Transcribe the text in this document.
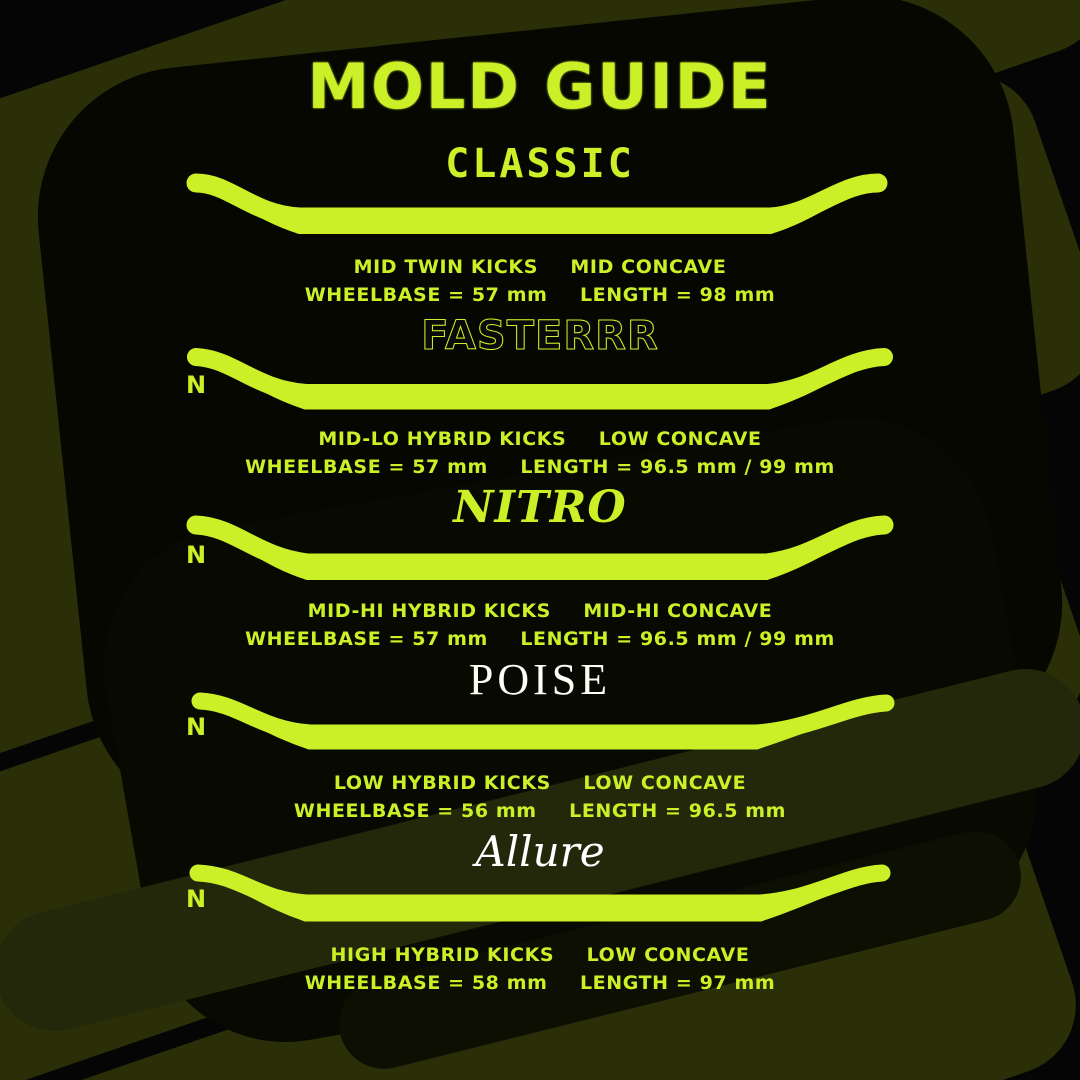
MOLD GUIDE
CLASSIC
MID TWIN KICKS MID CONCAVE
WHEELBASE = 57 mm LENGTH = 98 mm
FASTERRR
N
MID-LO HYBRID KICKS LOW CONCAVE
WHEELBASE = 57 mm LENGTH = 96.5 mm / 99 mm
NITRO
N
MID-HI HYBRID KICKS MID-HI CONCAVE
WHEELBASE = 57 mm LENGTH = 96.5 mm / 99 mm
POISE
N
LOW HYBRID KICKS LOW CONCAVE
WHEELBASE = 56 mm LENGTH = 96.5 mm
Allure
N
HIGH HYBRID KICKS LOW CONCAVE
WHEELBASE = 58 mm LENGTH = 97 mm
